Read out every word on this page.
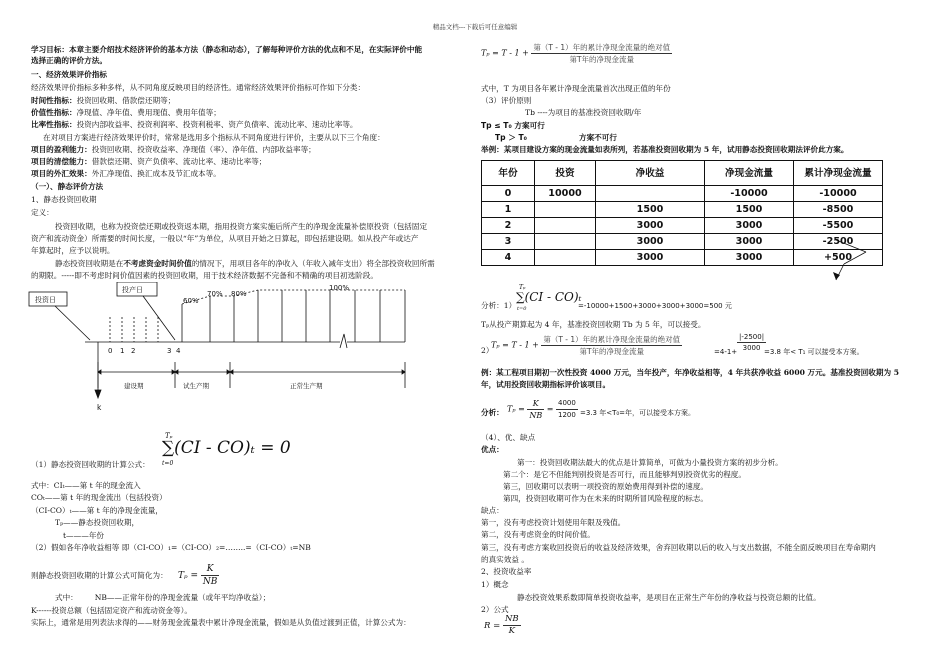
精品文档---下载后可任意编辑
学习目标：本章主要介绍技术经济评价的基本方法（静态和动态），了解每种评价方法的优点和不足，在实际评价中能
选择正确的评价方法。
一、经济效果评价指标
经济效果评价指标多种多样，从不同角度反映项目的经济性。通常经济效果评价指标可作如下分类：
时间性指标：投资回收期、借款偿还期等；
价值性指标：净现值、净年值、费用现值、费用年值等；
比率性指标：投资内部收益率、投资利润率、投资利税率、资产负债率、流动比率、速动比率等。
在对项目方案进行经济效果评价时，常常是选用多个指标从不同角度进行评价，主要从以下三个角度：
项目的盈利能力：投资回收期、投资收益率、净现值（率）、净年值、内部收益率等；
项目的清偿能力：借款偿还期、资产负债率、流动比率、速动比率等；
项目的外汇效果：外汇净现值、换汇成本及节汇成本等。
（一）、静态评价方法
1、静态投资回收期
定义：
投资回收期，也称为投资偿还期或投资返本期，指用投资方案实施后所产生的净现金流量补偿原投资（包括固定
资产和流动资金）所需要的时间长度，一般以“年”为单位，从项目开始之日算起，即包括建设期。如从投产年或达产
年算起时，应予以说明。
静态投资回收期是在不考虑资金时间价值的情况下，用项目各年的净收入（年收入减年支出）将全部投资收回所需
的期限。-----即不考虑时间价值因素的投资回收期，用于技术经济数据不完备和不精确的项目初选阶段。
投资日
投产日
60%
70% 80%
100%
0 1 2	3 4
建设期	试生产期	正常生产期
k
Tₚ
∑(CI - CO)ₜ = 0
t=0
（1）静态投资回收期的计算公式：
式中：CIₜ——第 t 年的现金流入
COₜ——第 t 年的现金流出（包括投资）
（CI-CO）ₜ——第 t 年的净现金流量，
Tₚ——静态投资回收期，
t———年份
（2）假如各年净收益相等 即（CI-CO）₁=（CI-CO）₂=……..=（CI-CO）ₜ=NB
则静态投资回收期的计算公式可简化为： $T_p = \frac{K}{NB}$
式中： NB——正常年份的净现金流量（或年平均净收益）；
K------投资总额（包括固定资产和流动资金等）。
实际上，通常是用列表法求得的——财务现金流量表中累计净现金流量，假如是从负值过渡到正值，计算公式为：
$T_p = T - 1 + \frac{\text{第（T - 1）年的累计净现金流量的绝对值}}{\text{第T年的净现金流量}}$
式中，T 为项目各年累计净现金流量首次出现正值的年份
（3）评价原则
Tb ----为项目的基准投资回收期/年
Tp ≤ T₀ 方案可行
Tp ＞ T₀	方案不可行
举例：某项目建设方案的现金流量如表所列，若基准投资回收期为 5 年，试用静态投资回收期法评价此方案。
年份	投资	净收益	净现金流量	累计净现金流量
0	10000		-10000	-10000
1		1500	1500	-8500
2		3000	3000	-5500
3		3000	3000	-2500
4		3000	3000	+500
Tₚ
分析：1）
∑(CI - CO)ₜ
t=0	=-10000+1500+3000+3000+3000=500 元
Tₚ从投产期算起为 4 年，基准投资回收期 Tb 为 5 年，可以接受。
2）
$T_p = T - 1 + \frac{\text{第（T - 1）年的累计净现金流量的绝对值}}{\text{第T年的净现金流量}}$	$=4-1+ \frac{|-2500|}{3000}$
=3.8 年< T₁ 可以接受本方案。
例：某工程项目期初一次性投资 4000 万元，当年投产，年净收益相等，4 年共获净收益 6000 万元。基准投资回收期为 5
年，试用投资回收期指标评价该项目。
分析： $T_p = \frac{K}{NB} = \frac{4000}{1200} =3.3$ 年<T₀=年，可以接受本方案。
（4）、优、缺点
优点：
第一：投资回收期法最大的优点是计算简单，可做为小量投资方案的初步分析。
第二个：是它不但能判别投资是否可行，而且能够判别投资优劣的程度。
第三，回收期可以表明一项投资的原始费用得到补偿的速度。
第四，投资回收期可作为在未来的时期所冒风险程度的标志。
缺点：
第一，没有考虑投资计划使用年限及残值。
第二，没有考虑资金的时间价值。
第三，没有考虑方案收回投资后的收益及经济效果，舍弃回收期以后的收入与支出数据，不能全面反映项目在寿命期内
的真实效益 。
2、投资收益率
1）概念
静态投资效果系数即简单投资收益率，是项目在正常生产年份的净收益与投资总额的比值。
2）公式
$R = \frac{NB}{K}$
